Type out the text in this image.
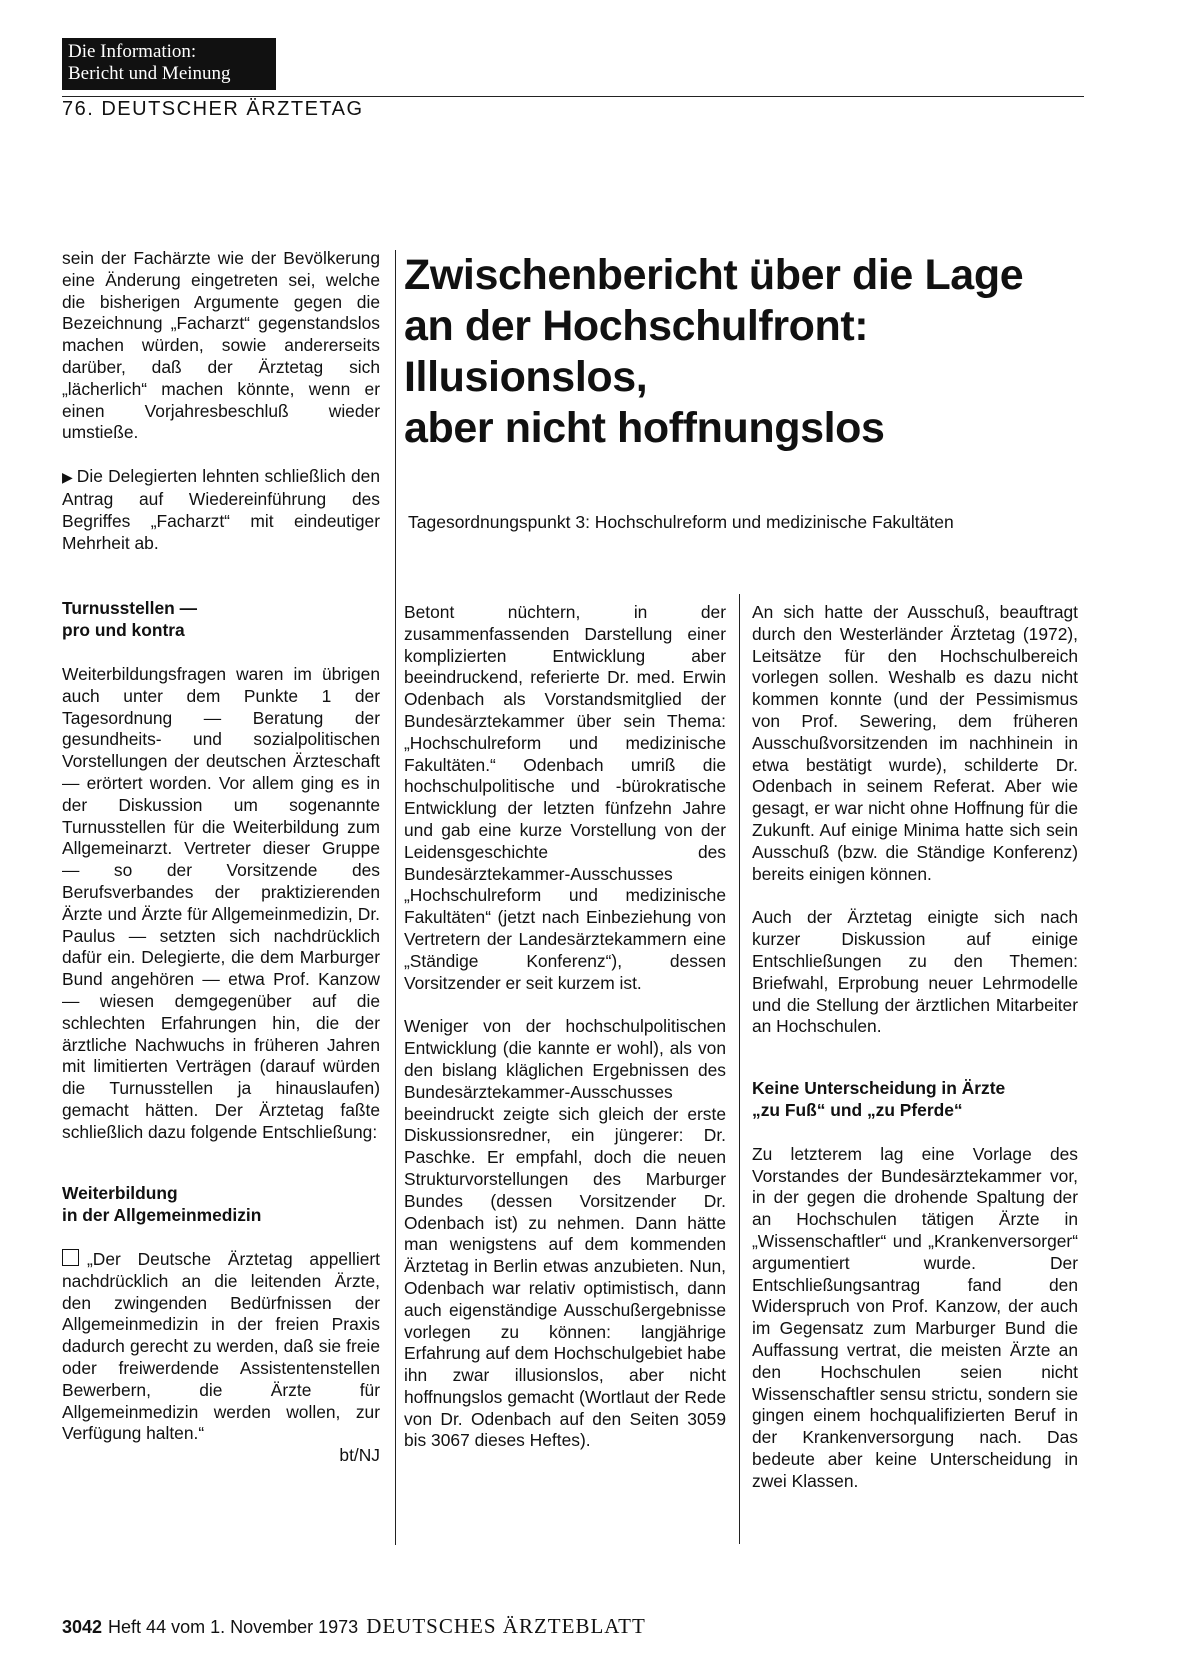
Die Information:
Bericht und Meinung
76. DEUTSCHER ÄRZTETAG
Zwischenbericht über die Lage
an der Hochschulfront:
Illusionslos,
aber nicht hoffnungslos
Tagesordnungspunkt 3: Hochschulreform und medizinische Fakultäten

sein der Fachärzte wie der Bevölkerung eine Änderung eingetreten sei, welche die bisherigen Argumente gegen die Bezeichnung „Facharzt“ gegenstandslos machen würden, sowie andererseits darüber, daß der Ärztetag sich „lächerlich“ machen könnte, wenn er einen Vorjahresbeschluß wieder umstieße.

▶ Die Delegierten lehnten schließlich den Antrag auf Wiedereinführung des Begriffes „Facharzt“ mit eindeutiger Mehrheit ab.

Turnusstellen —
pro und kontra

Weiterbildungsfragen waren im übrigen auch unter dem Punkte 1 der Tagesordnung — Beratung der gesundheits- und sozialpolitischen Vorstellungen der deutschen Ärzteschaft — erörtert worden. Vor allem ging es in der Diskussion um sogenannte Turnusstellen für die Weiterbildung zum Allgemeinarzt. Vertreter dieser Gruppe — so der Vorsitzende des Berufsverbandes der praktizierenden Ärzte und Ärzte für Allgemeinmedizin, Dr. Paulus — setzten sich nachdrücklich dafür ein. Delegierte, die dem Marburger Bund angehören — etwa Prof. Kanzow — wiesen demgegenüber auf die schlechten Erfahrungen hin, die der ärztliche Nachwuchs in früheren Jahren mit limitierten Verträgen (darauf würden die Turnusstellen ja hinauslaufen) gemacht hätten. Der Ärztetag faßte schließlich dazu folgende Entschließung:

Weiterbildung
in der Allgemeinmedizin

„Der Deutsche Ärztetag appelliert nachdrücklich an die leitenden Ärzte, den zwingenden Bedürfnissen der Allgemeinmedizin in der freien Praxis dadurch gerecht zu werden, daß sie freie oder freiwerdende Assistentenstellen Bewerbern, die Ärzte für Allgemeinmedizin werden wollen, zur Verfügung halten.“

bt/NJ

Betont nüchtern, in der zusammenfassenden Darstellung einer komplizierten Entwicklung aber beeindruckend, referierte Dr. med. Erwin Odenbach als Vorstandsmitglied der Bundesärztekammer über sein Thema: „Hochschulreform und medizinische Fakultäten.“ Odenbach umriß die hochschulpolitische und -bürokratische Entwicklung der letzten fünfzehn Jahre und gab eine kurze Vorstellung von der Leidensgeschichte des Bundesärztekammer-Ausschusses „Hochschulreform und medizinische Fakultäten“ (jetzt nach Einbeziehung von Vertretern der Landesärztekammern eine „Ständige Konferenz“), dessen Vorsitzender er seit kurzem ist.

Weniger von der hochschulpolitischen Entwicklung (die kannte er wohl), als von den bislang kläglichen Ergebnissen des Bundesärztekammer-Ausschusses beeindruckt zeigte sich gleich der erste Diskussionsredner, ein jüngerer: Dr. Paschke. Er empfahl, doch die neuen Strukturvorstellungen des Marburger Bundes (dessen Vorsitzender Dr. Odenbach ist) zu nehmen. Dann hätte man wenigstens auf dem kommenden Ärztetag in Berlin etwas anzubieten. Nun, Odenbach war relativ optimistisch, dann auch eigenständige Ausschußergebnisse vorlegen zu können: langjährige Erfahrung auf dem Hochschulgebiet habe ihn zwar illusionslos, aber nicht hoffnungslos gemacht (Wortlaut der Rede von Dr. Odenbach auf den Seiten 3059 bis 3067 dieses Heftes).

An sich hatte der Ausschuß, beauftragt durch den Westerländer Ärztetag (1972), Leitsätze für den Hochschulbereich vorlegen sollen. Weshalb es dazu nicht kommen konnte (und der Pessimismus von Prof. Sewering, dem früheren Ausschußvorsitzenden im nachhinein in etwa bestätigt wurde), schilderte Dr. Odenbach in seinem Referat. Aber wie gesagt, er war nicht ohne Hoffnung für die Zukunft. Auf einige Minima hatte sich sein Ausschuß (bzw. die Ständige Konferenz) bereits einigen können.

Auch der Ärztetag einigte sich nach kurzer Diskussion auf einige Entschließungen zu den Themen: Briefwahl, Erprobung neuer Lehrmodelle und die Stellung der ärztlichen Mitarbeiter an Hochschulen.

Keine Unterscheidung in Ärzte
„zu Fuß“ und „zu Pferde“

Zu letzterem lag eine Vorlage des Vorstandes der Bundesärztekammer vor, in der gegen die drohende Spaltung der an Hochschulen tätigen Ärzte in „Wissenschaftler“ und „Krankenversorger“ argumentiert wurde. Der Entschließungsantrag fand den Widerspruch von Prof. Kanzow, der auch im Gegensatz zum Marburger Bund die Auffassung vertrat, die meisten Ärzte an den Hochschulen seien nicht Wissenschaftler sensu strictu, sondern sie gingen einem hochqualifizierten Beruf in der Krankenversorgung nach. Das bedeute aber keine Unterscheidung in zwei Klassen.

3042 Heft 44 vom 1. November 1973 DEUTSCHES ÄRZTEBLATT
